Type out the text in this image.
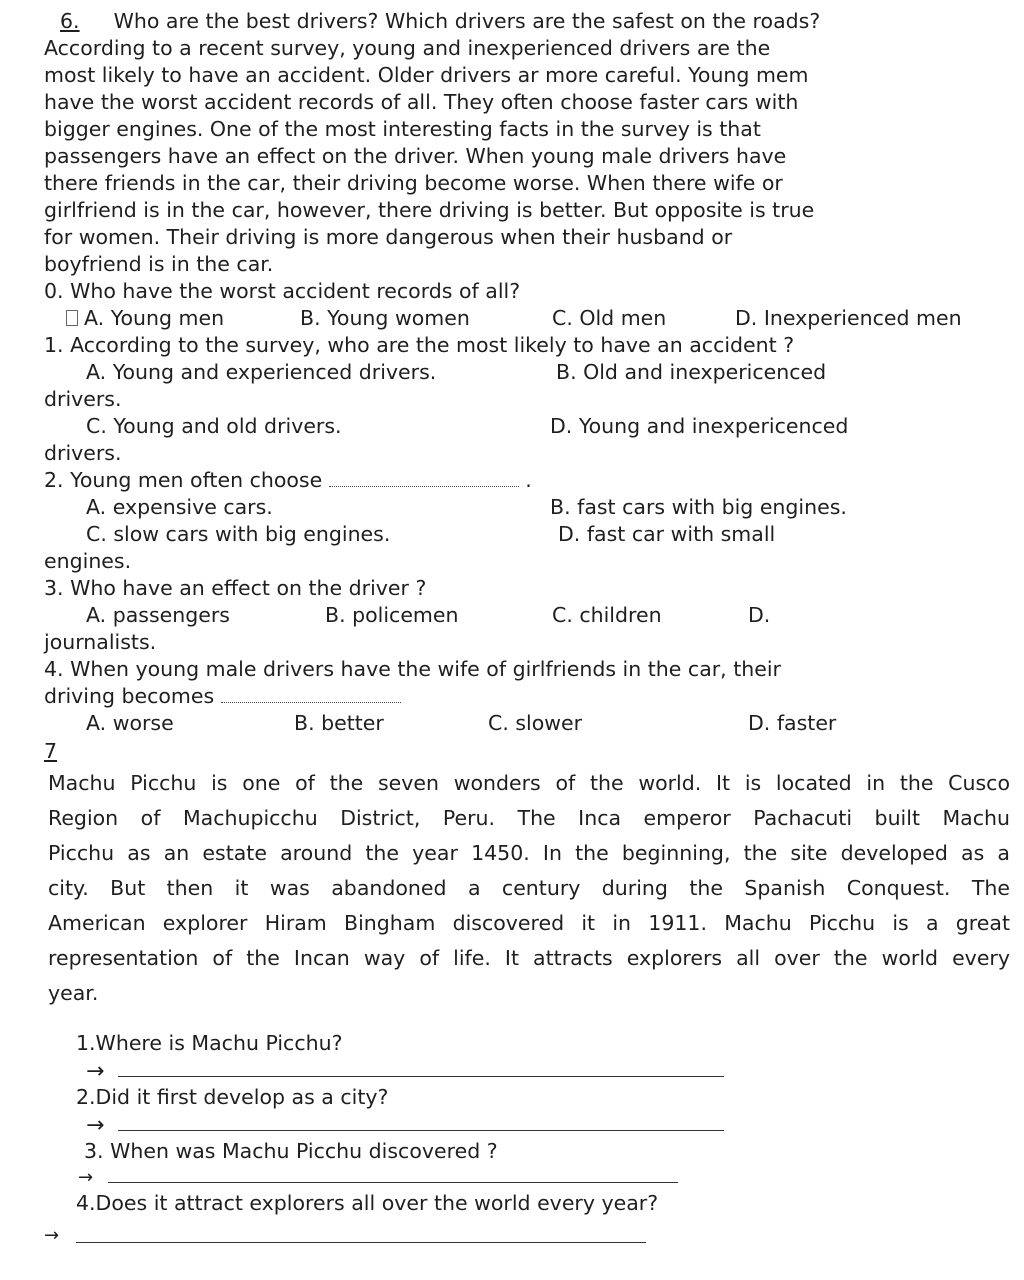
6. Who are the best drivers? Which drivers are the safest on the roads?
According to a recent survey, young and inexperienced drivers are the
most likely to have an accident. Older drivers ar more careful. Young mem
have the worst accident records of all. They often choose faster cars with
bigger engines. One of the most interesting facts in the survey is that
passengers have an effect on the driver. When young male drivers have
there friends in the car, their driving become worse. When there wife or
girlfriend is in the car, however, there driving is better. But opposite is true
for women. Their driving is more dangerous when their husband or
boyfriend is in the car.
0. Who have the worst accident records of all?
A. Young men	B. Young women	C. Old men	D. Inexperienced men
1. According to the survey, who are the most likely to have an accident ?
A. Young and experienced drivers.	B. Old and inexpericenced
drivers.
C. Young and old drivers.	D. Young and inexpericenced
drivers.
2. Young men often choose	.
A. expensive cars.	B. fast cars with big engines.
C. slow cars with big engines.	D. fast car with small
engines.
3. Who have an effect on the driver ?
A. passengers	B. policemen	C. children	D.
journalists.
4. When young male drivers have the wife of girlfriends in the car, their
driving becomes
A. worse	B. better	C. slower	D. faster
7
Machu Picchu is one of the seven wonders of the world. It is located in the Cusco
Region of Machupicchu District, Peru. The Inca emperor Pachacuti built Machu
Picchu as an estate around the year 1450. In the beginning, the site developed as a
city. But then it was abandoned a century during the Spanish Conquest. The
American explorer Hiram Bingham discovered it in 1911. Machu Picchu is a great
representation of the Incan way of life. It attracts explorers all over the world every
year.
1.Where is Machu Picchu?
→
2.Did it first develop as a city?
→
3. When was Machu Picchu discovered ?
→
4.Does it attract explorers all over the world every year?
→
